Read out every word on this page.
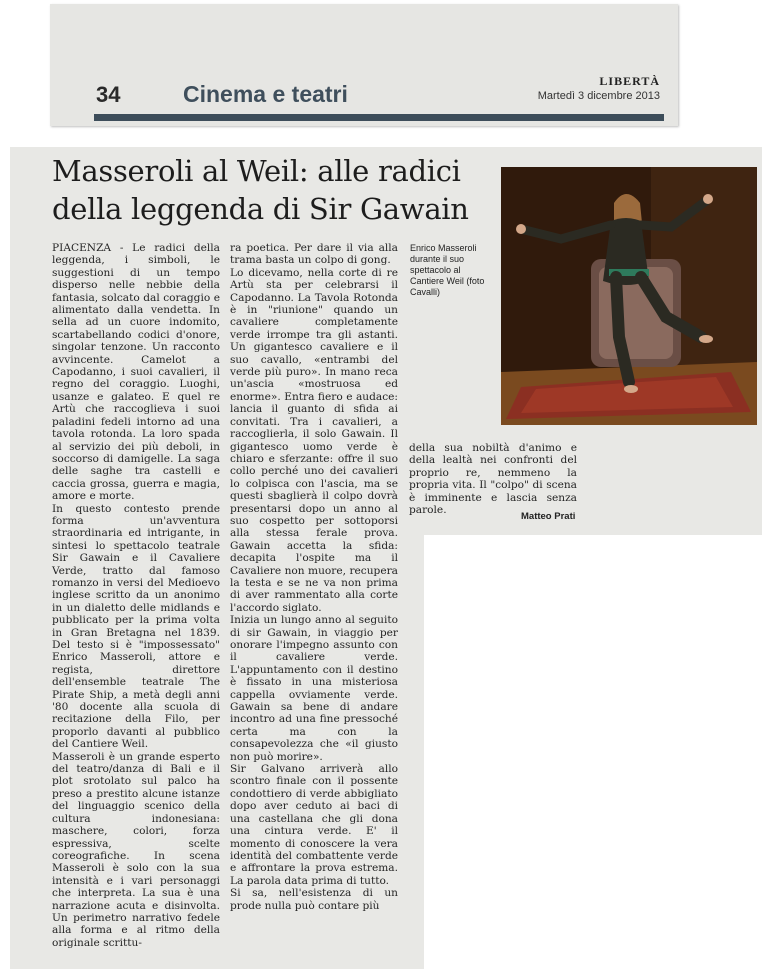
34	Cinema e teatri	LIBERTÀ
Martedì 3 dicembre 2013
Masseroli al Weil: alle radici della leggenda di Sir Gawain
Enrico Masseroli durante il suo spettacolo al Cantiere Weil (foto Cavalli)
PIACENZA - Le radici della leggenda, i simboli, le suggestioni di un tempo disperso nelle nebbie della fantasia, solcato dal coraggio e alimentato dalla vendetta. In sella ad un cuore indomito, scartabellando codici d'onore, singolar tenzone. Un racconto avvincente. Camelot a Capodanno, i suoi cavalieri, il regno del coraggio. Luoghi, usanze e galateo. E quel re Artù che raccoglieva i suoi paladini fedeli intorno ad una tavola rotonda. La loro spada al servizio dei più deboli, in soccorso di damigelle. La saga delle saghe tra castelli e caccia grossa, guerra e magia, amore e morte.
In questo contesto prende forma un'avventura straordinaria ed intrigante, in sintesi lo spettacolo teatrale Sir Gawain e il Cavaliere Verde, tratto dal famoso romanzo in versi del Medioevo inglese scritto da un anonimo in un dialetto delle midlands e pubblicato per la prima volta in Gran Bretagna nel 1839. Del testo si è "impossessato" Enrico Masseroli, attore e regista, direttore dell'ensemble teatrale The Pirate Ship, a metà degli anni '80 docente alla scuola di recitazione della Filo, per proporlo davanti al pubblico del Cantiere Weil.
Masseroli è un grande esperto del teatro/danza di Bali e il plot srotolato sul palco ha preso a prestito alcune istanze del linguaggio scenico della cultura indonesiana: maschere, colori, forza espressiva, scelte coreografiche. In scena Masseroli è solo con la sua intensità e i vari personaggi che interpreta. La sua è una narrazione acuta e disinvolta. Un perimetro narrativo fedele alla forma e al ritmo della originale scrittu-
ra poetica. Per dare il via alla trama basta un colpo di gong.
Lo dicevamo, nella corte di re Artù sta per celebrarsi il Capodanno. La Tavola Rotonda è in "riunione" quando un cavaliere completamente verde irrompe tra gli astanti. Un gigantesco cavaliere e il suo cavallo, «entrambi del verde più puro». In mano reca un'ascia «mostruosa ed enorme». Entra fiero e audace: lancia il guanto di sfida ai convitati. Tra i cavalieri, a raccoglierla, il solo Gawain. Il gigantesco uomo verde è chiaro e sferzante: offre il suo collo perché uno dei cavalieri lo colpisca con l'ascia, ma se questi sbaglierà il colpo dovrà presentarsi dopo un anno al suo cospetto per sottoporsi alla stessa ferale prova. Gawain accetta la sfida: decapita l'ospite ma il Cavaliere non muore, recupera la testa e se ne va non prima di aver rammentato alla corte l'accordo siglato.
Inizia un lungo anno al seguito di sir Gawain, in viaggio per onorare l'impegno assunto con il cavaliere verde. L'appuntamento con il destino è fissato in una misteriosa cappella ovviamente verde. Gawain sa bene di andare incontro ad una fine pressoché certa ma con la consapevolezza che «il giusto non può morire».
Sir Galvano arriverà allo scontro finale con il possente condottiero di verde abbigliato dopo aver ceduto ai baci di una castellana che gli dona una cintura verde. E' il momento di conoscere la vera identità del combattente verde e affrontare la prova estrema. La parola data prima di tutto.
Si sa, nell'esistenza di un prode nulla può contare più
della sua nobiltà d'animo e della lealtà nei confronti del proprio re, nemmeno la propria vita. Il "colpo" di scena è imminente e lascia senza parole.
Matteo Prati
